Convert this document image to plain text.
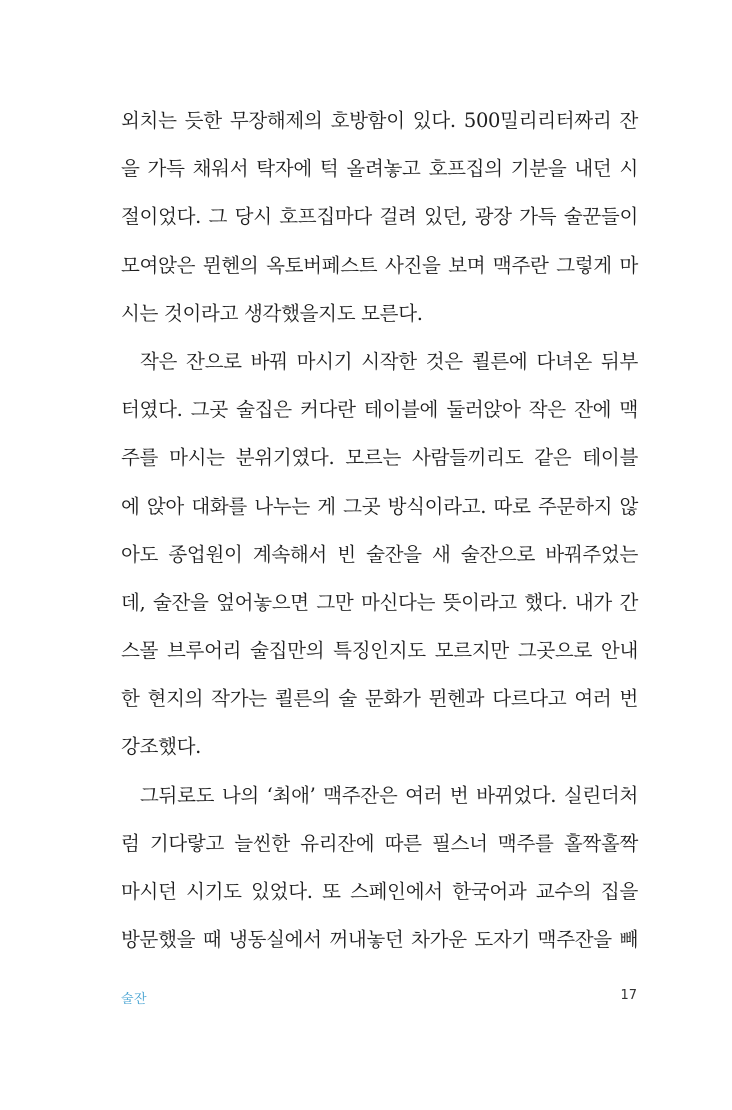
외치는 듯한 무장해제의 호방함이 있다. 500밀리리터짜리 잔
을 가득 채워서 탁자에 턱 올려놓고 호프집의 기분을 내던 시
절이었다. 그 당시 호프집마다 걸려 있던, 광장 가득 술꾼들이
모여앉은 뮌헨의 옥토버페스트 사진을 보며 맥주란 그렇게 마
시는 것이라고 생각했을지도 모른다.
작은 잔으로 바꿔 마시기 시작한 것은 쾰른에 다녀온 뒤부
터였다. 그곳 술집은 커다란 테이블에 둘러앉아 작은 잔에 맥
주를 마시는 분위기였다. 모르는 사람들끼리도 같은 테이블
에 앉아 대화를 나누는 게 그곳 방식이라고. 따로 주문하지 않
아도 종업원이 계속해서 빈 술잔을 새 술잔으로 바꿔주었는
데, 술잔을 엎어놓으면 그만 마신다는 뜻이라고 했다. 내가 간
스몰 브루어리 술집만의 특징인지도 모르지만 그곳으로 안내
한 현지의 작가는 쾰른의 술 문화가 뮌헨과 다르다고 여러 번
강조했다.
그뒤로도 나의 ‘최애’ 맥주잔은 여러 번 바뀌었다. 실린더처
럼 기다랗고 늘씬한 유리잔에 따른 필스너 맥주를 홀짝홀짝
마시던 시기도 있었다. 또 스페인에서 한국어과 교수의 집을
방문했을 때 냉동실에서 꺼내놓던 차가운 도자기 맥주잔을 빼
술잔	17
